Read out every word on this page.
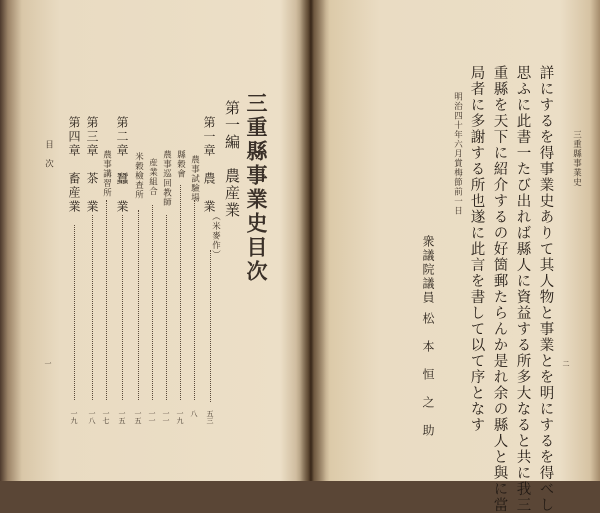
三重縣事業史目次
第一編　農産業
第一章　農　業
（米麥作）
五三
農事試驗場
八
縣穀會
一九
農事巡回教師
一一
産業組合
一一
米穀檢査所
一五
第二章　蠶　業
一五
農事講習所
一七
第三章　茶　業
一八
第四章　畜産業
一九
目　次
一
三重縣事業史
二
詳にするを得事業史ありて其人物と事業とを明にするを得べし
思ふに此書一たび出れば縣人に資益する所多大なると共に我三
重縣を天下に紹介するの好箇郵たらんか是れ余の縣人と與に當
局者に多謝する所也遂に此言を書して以て序となす
明治四十年六月賞梅節前一日
衆議院議員
松　本　恒　之　助
